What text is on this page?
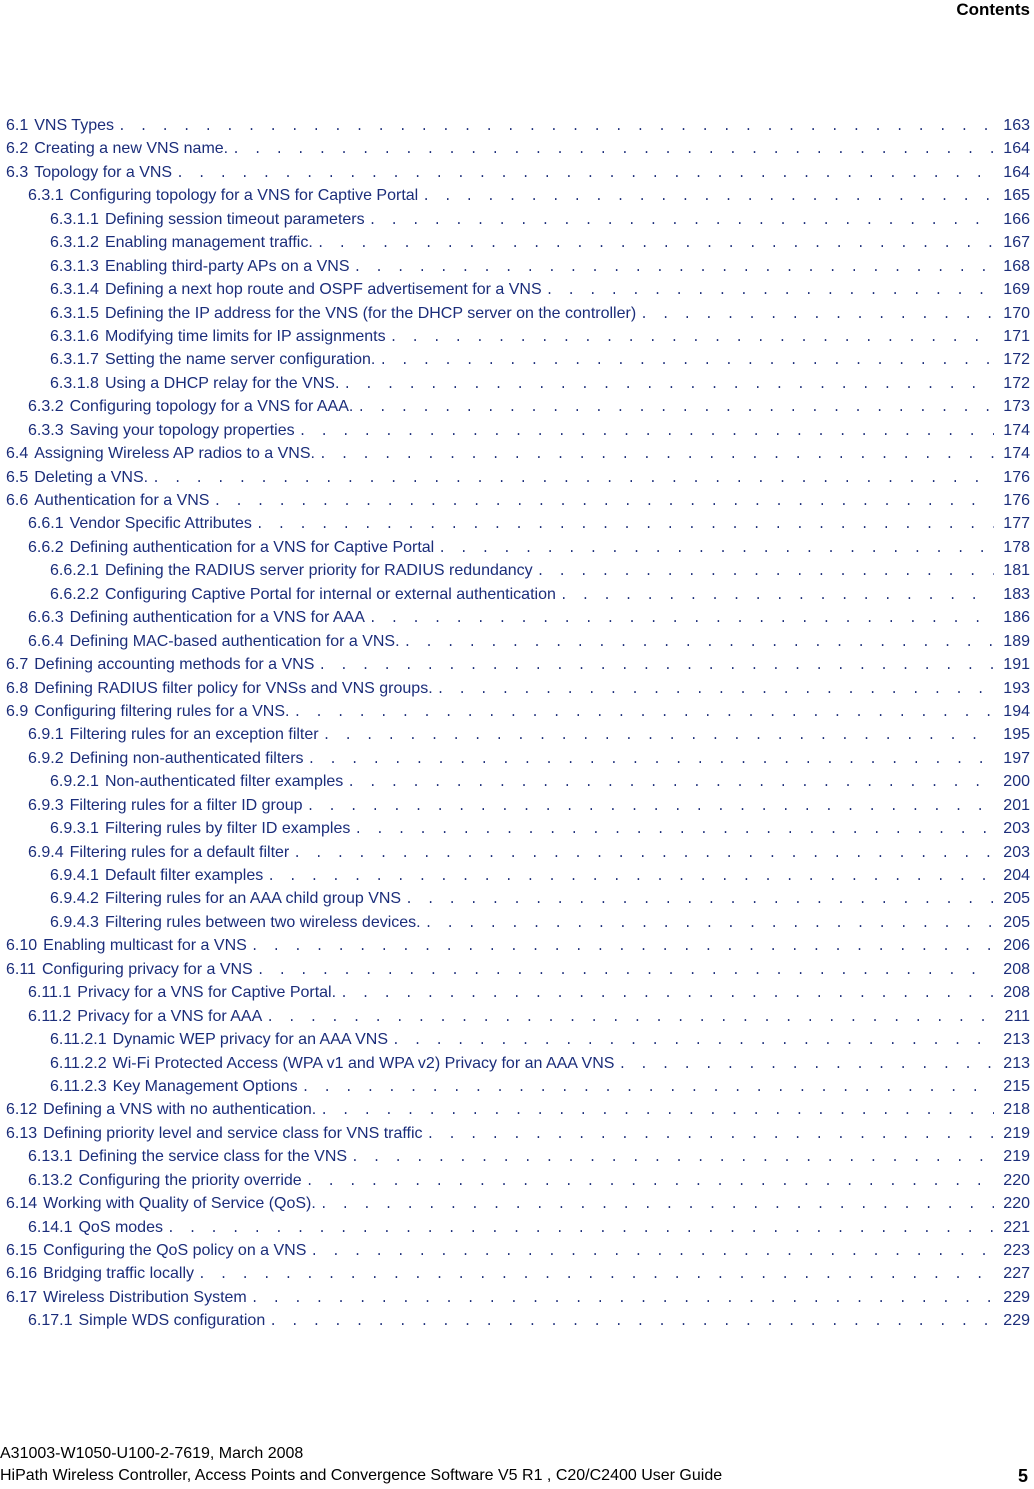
Contents
6.1 VNS Types . . .	163
6.2 Creating a new VNS name. . . .	164
6.3 Topology for a VNS . . .	164
6.3.1 Configuring topology for a VNS for Captive Portal . . .	165
6.3.1.1 Defining session timeout parameters . . .	166
6.3.1.2 Enabling management traffic. . . .	167
6.3.1.3 Enabling third-party APs on a VNS . . .	168
6.3.1.4 Defining a next hop route and OSPF advertisement for a VNS . . .	169
6.3.1.5 Defining the IP address for the VNS (for the DHCP server on the controller) . . .	170
6.3.1.6 Modifying time limits for IP assignments . . .	171
6.3.1.7 Setting the name server configuration. . . .	172
6.3.1.8 Using a DHCP relay for the VNS. . . .	172
6.3.2 Configuring topology for a VNS for AAA. . . .	173
6.3.3 Saving your topology properties . . .	174
6.4 Assigning Wireless AP radios to a VNS. . . .	174
6.5 Deleting a VNS. . . .	176
6.6 Authentication for a VNS . . .	176
6.6.1 Vendor Specific Attributes . . .	177
6.6.2 Defining authentication for a VNS for Captive Portal . . .	178
6.6.2.1 Defining the RADIUS server priority for RADIUS redundancy . . .	181
6.6.2.2 Configuring Captive Portal for internal or external authentication . . .	183
6.6.3 Defining authentication for a VNS for AAA . . .	186
6.6.4 Defining MAC-based authentication for a VNS. . . .	189
6.7 Defining accounting methods for a VNS . . .	191
6.8 Defining RADIUS filter policy for VNSs and VNS groups. . . .	193
6.9 Configuring filtering rules for a VNS. . . .	194
6.9.1 Filtering rules for an exception filter . . .	195
6.9.2 Defining non-authenticated filters . . .	197
6.9.2.1 Non-authenticated filter examples . . .	200
6.9.3 Filtering rules for a filter ID group . . .	201
6.9.3.1 Filtering rules by filter ID examples . . .	203
6.9.4 Filtering rules for a default filter . . .	203
6.9.4.1 Default filter examples . . .	204
6.9.4.2 Filtering rules for an AAA child group VNS . . .	205
6.9.4.3 Filtering rules between two wireless devices. . . .	205
6.10 Enabling multicast for a VNS . . .	206
6.11 Configuring privacy for a VNS . . .	208
6.11.1 Privacy for a VNS for Captive Portal. . . .	208
6.11.2 Privacy for a VNS for AAA . . .	211
6.11.2.1 Dynamic WEP privacy for an AAA VNS . . .	213
6.11.2.2 Wi-Fi Protected Access (WPA v1 and WPA v2) Privacy for an AAA VNS . . .	213
6.11.2.3 Key Management Options . . .	215
6.12 Defining a VNS with no authentication. . . .	218
6.13 Defining priority level and service class for VNS traffic . . .	219
6.13.1 Defining the service class for the VNS . . .	219
6.13.2 Configuring the priority override . . .	220
6.14 Working with Quality of Service (QoS). . . .	220
6.14.1 QoS modes . . .	221
6.15 Configuring the QoS policy on a VNS . . .	223
6.16 Bridging traffic locally . . .	227
6.17 Wireless Distribution System . . .	229
6.17.1 Simple WDS configuration . . .	229
A31003-W1050-U100-2-7619, March 2008
HiPath Wireless Controller, Access Points and Convergence Software V5 R1 , C20/C2400 User Guide	5
